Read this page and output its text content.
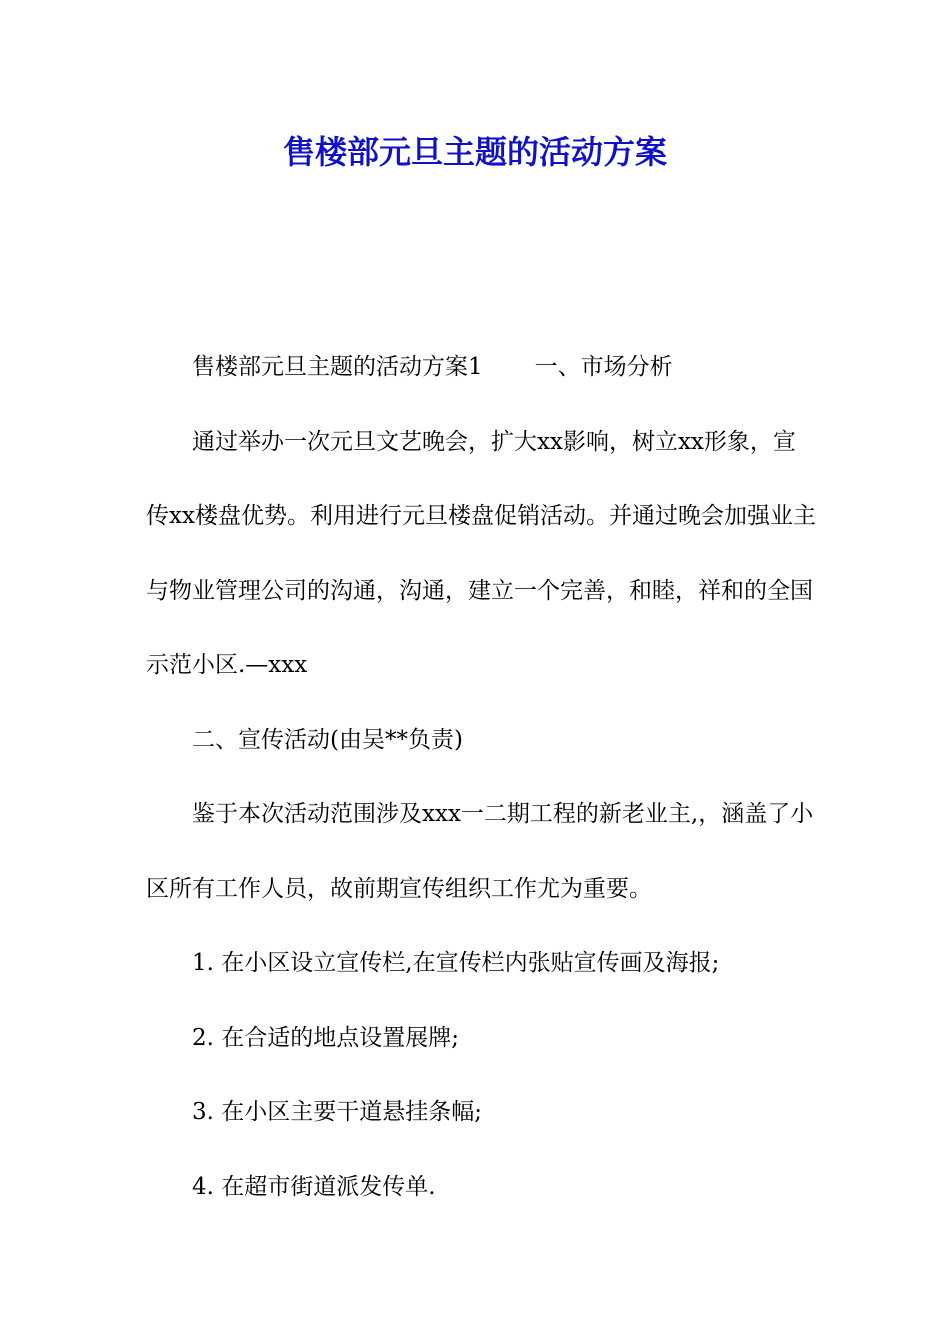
售楼部元旦主题的活动方案

售楼部元旦主题的活动方案1 一、市场分析

通过举办一次元旦文艺晚会，扩大xx影响，树立xx形象，宣传xx楼盘优势。利用进行元旦楼盘促销活动。并通过晚会加强业主与物业管理公司的沟通，沟通，建立一个完善，和睦，祥和的全国示范小区.—xxx

二、宣传活动(由吴**负责)

鉴于本次活动范围涉及xxx一二期工程的新老业主,，涵盖了小区所有工作人员，故前期宣传组织工作尤为重要。

1. 在小区设立宣传栏,在宣传栏内张贴宣传画及海报;

2. 在合适的地点设置展牌;

3. 在小区主要干道悬挂条幅;

4. 在超市街道派发传单.
